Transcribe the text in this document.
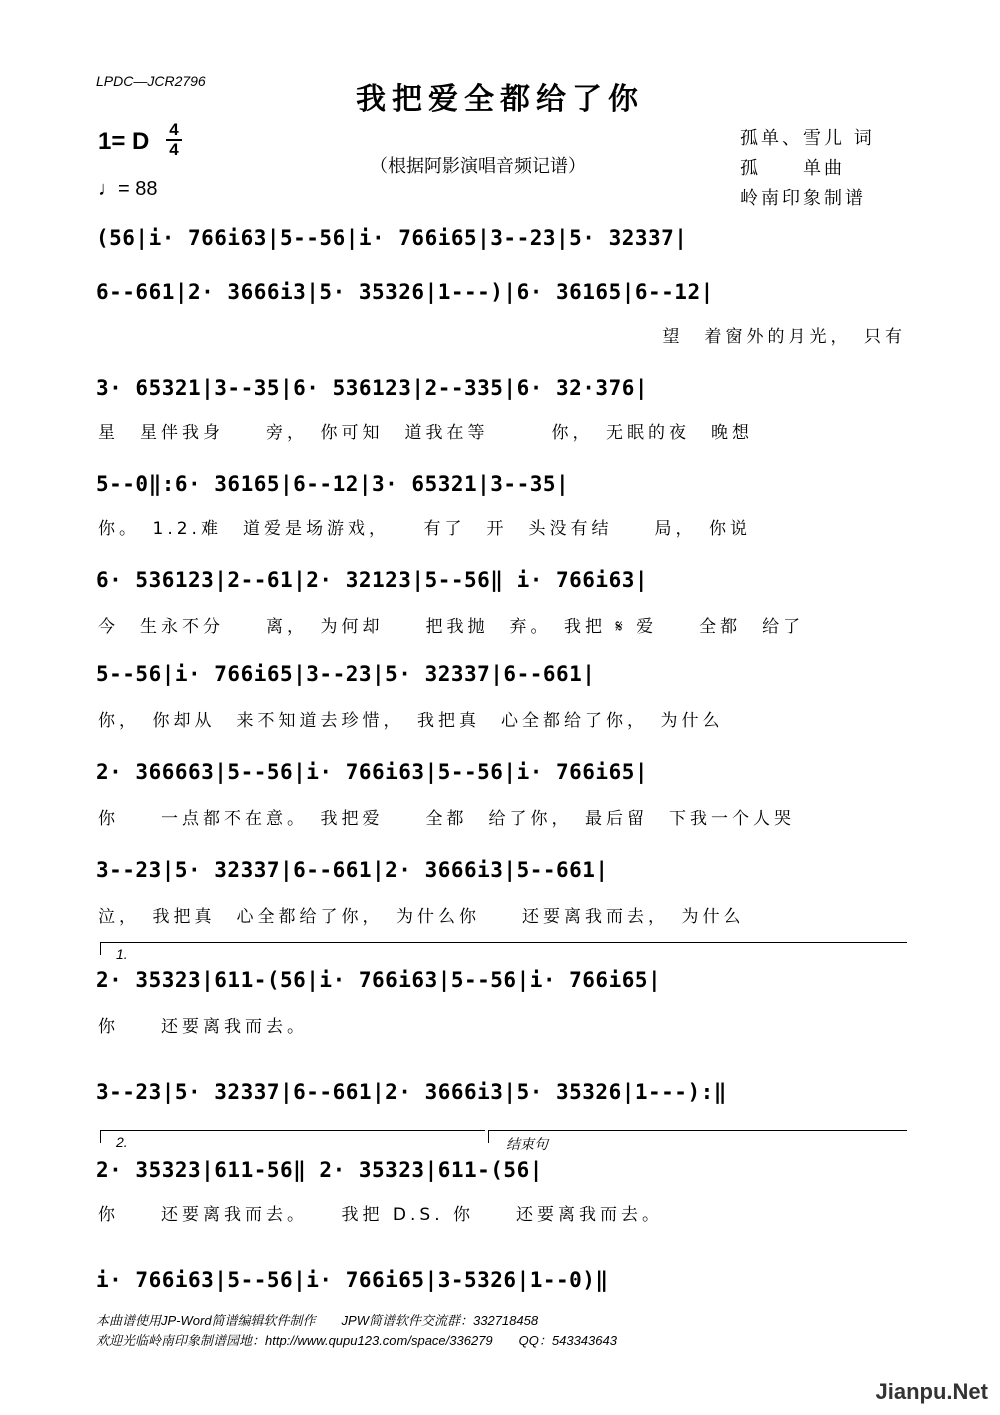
LPDC—JCR2796
我把爱全都给了你
1= D 4
4
♩= 88
（根据阿影演唱音频记谱）
孤单、雪儿 词
孤　　单曲
岭南印象制谱
(56|i· 766i63|5--56|i· 766i65|3--23|5· 32337|
6--661|2· 3666i3|5· 35326|1---)|6· 36165|6--12|
望　着窗外的月光，　只有
3· 65321|3--35|6· 536123|2--335|6· 32·376|
星　星伴我身　　旁，　你可知　道我在等　　　你，　无眠的夜　晚想
5--0‖:6· 36165|6--12|3· 65321|3--35|
你。　1.2.难　道爱是场游戏，　　有了　开　头没有结　　局，　你说
6· 536123|2--61|2· 32123|5--56‖ i· 766i63|
今　生永不分　　离，　为何却　　把我抛　弃。　我把 𝄋 爱　　全都　给了
5--56|i· 766i65|3--23|5· 32337|6--661|
你，　你却从　来不知道去珍惜，　我把真　心全都给了你，　为什么
2· 366663|5--56|i· 766i63|5--56|i· 766i65|
你　　一点都不在意。　我把爱　　全都　给了你，　最后留　下我一个人哭
3--23|5· 32337|6--661|2· 3666i3|5--661|
泣，　我把真　心全都给了你，　为什么你　　还要离我而去，　为什么
1.
2· 35323|611-(56|i· 766i63|5--56|i· 766i65|
你　　还要离我而去。
3--23|5· 32337|6--661|2· 3666i3|5· 35326|1---):‖
2.	结束句
2· 35323|611-56‖ 2· 35323|611-(56|
你　　还要离我而去。　　我把 D.S. 你　　还要离我而去。
i· 766i63|5--56|i· 766i65|3-5326|1--0)‖
本曲谱使用JP-Word简谱编辑软件制作　　JPW简谱软件交流群：332718458
欢迎光临岭南印象制谱园地：http://www.qupu123.com/space/336279　　QQ：543343643
Jianpu.Net
